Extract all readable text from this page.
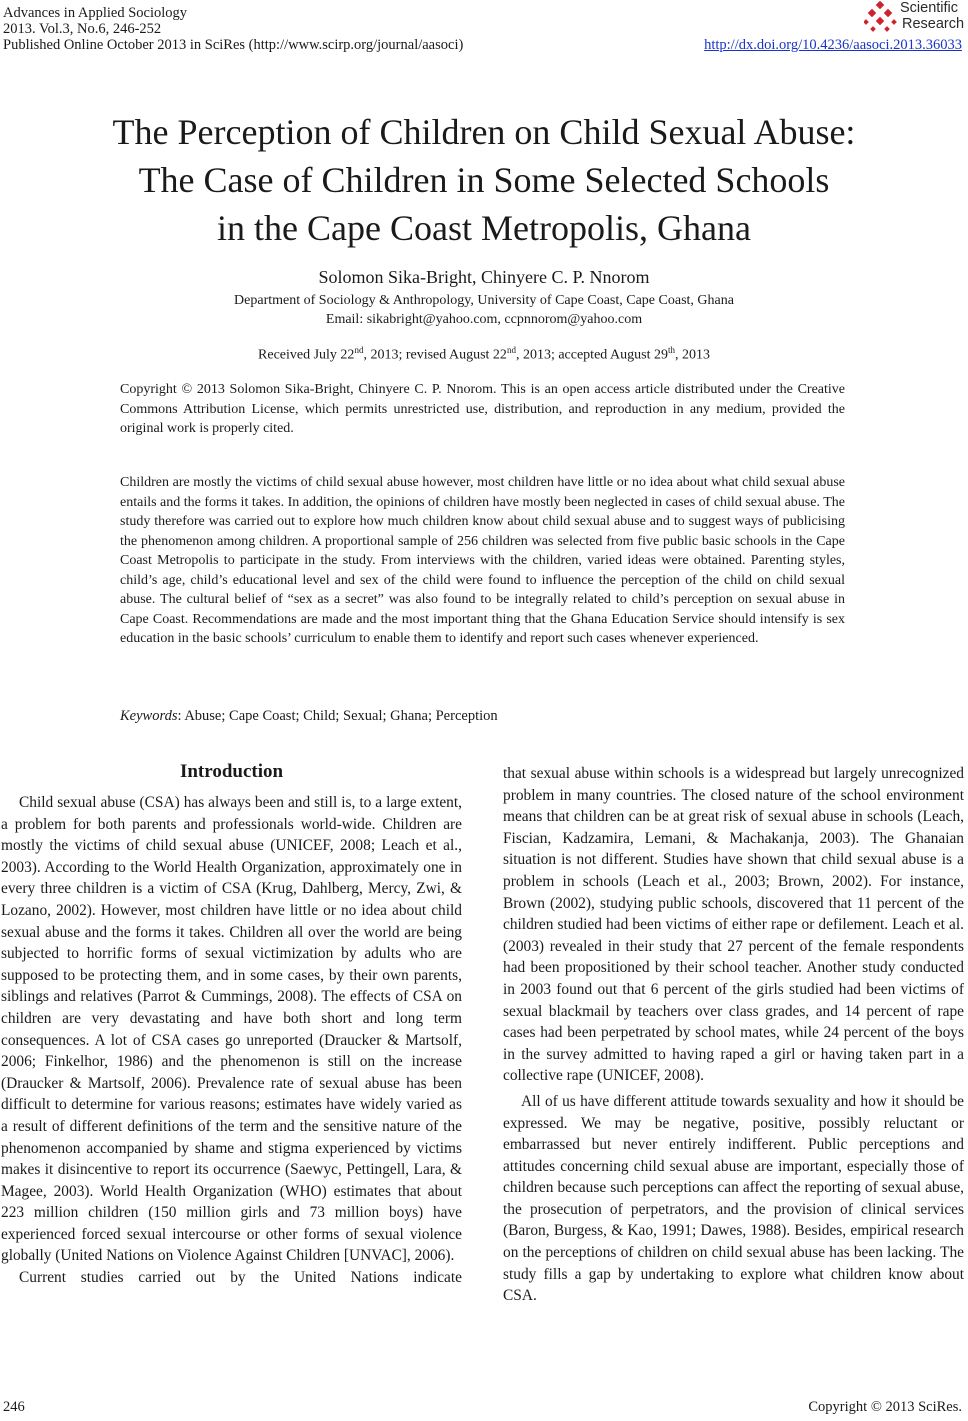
Advances in Applied Sociology
2013. Vol.3, No.6, 246-252
Published Online October 2013 in SciRes (http://www.scirp.org/journal/aasoci)	http://dx.doi.org/10.4236/aasoci.2013.36033
Scientific
Research
The Perception of Children on Child Sexual Abuse:
The Case of Children in Some Selected Schools
in the Cape Coast Metropolis, Ghana
Solomon Sika-Bright, Chinyere C. P. Nnorom
Department of Sociology & Anthropology, University of Cape Coast, Cape Coast, Ghana
Email: sikabright@yahoo.com, ccpnnorom@yahoo.com
Received July 22nd, 2013; revised August 22nd, 2013; accepted August 29th, 2013
Copyright © 2013 Solomon Sika-Bright, Chinyere C. P. Nnorom. This is an open access article distributed under the Creative Commons Attribution License, which permits unrestricted use, distribution, and reproduction in any medium, provided the original work is properly cited.
Children are mostly the victims of child sexual abuse however, most children have little or no idea about what child sexual abuse entails and the forms it takes. In addition, the opinions of children have mostly been neglected in cases of child sexual abuse. The study therefore was carried out to explore how much children know about child sexual abuse and to suggest ways of publicising the phenomenon among children. A proportional sample of 256 children was selected from five public basic schools in the Cape Coast Metropolis to participate in the study. From interviews with the children, varied ideas were obtained. Parenting styles, child’s age, child’s educational level and sex of the child were found to influence the perception of the child on child sexual abuse. The cultural belief of “sex as a secret” was also found to be integrally related to child’s perception on sexual abuse in Cape Coast. Recommendations are made and the most important thing that the Ghana Education Service should intensify is sex education in the basic schools’ curriculum to enable them to identify and report such cases whenever experienced.
Keywords: Abuse; Cape Coast; Child; Sexual; Ghana; Perception
Introduction

Child sexual abuse (CSA) has always been and still is, to a large extent, a problem for both parents and professionals world-wide. Children are mostly the victims of child sexual abuse (UNICEF, 2008; Leach et al., 2003). According to the World Health Organization, approximately one in every three children is a victim of CSA (Krug, Dahlberg, Mercy, Zwi, & Lozano, 2002). However, most children have little or no idea about child sexual abuse and the forms it takes. Children all over the world are being subjected to horrific forms of sexual victimization by adults who are supposed to be protecting them, and in some cases, by their own parents, siblings and relatives (Parrot & Cummings, 2008). The effects of CSA on children are very devastating and have both short and long term consequences. A lot of CSA cases go unreported (Draucker & Martsolf, 2006; Finkelhor, 1986) and the phenomenon is still on the increase (Draucker & Martsolf, 2006). Prevalence rate of sexual abuse has been difficult to determine for various reasons; estimates have widely varied as a result of different definitions of the term and the sensitive nature of the phenomenon accompanied by shame and stigma experienced by victims makes it disincentive to report its occurrence (Saewyc, Pettingell, Lara, & Magee, 2003). World Health Organization (WHO) estimates that about 223 million children (150 million girls and 73 million boys) have experienced forced sexual intercourse or other forms of sexual violence globally (United Nations on Violence Against Children [UNVAC], 2006).

Current studies carried out by the United Nations indicate

that sexual abuse within schools is a widespread but largely unrecognized problem in many countries. The closed nature of the school environment means that children can be at great risk of sexual abuse in schools (Leach, Fiscian, Kadzamira, Lemani, & Machakanja, 2003). The Ghanaian situation is not different. Studies have shown that child sexual abuse is a problem in schools (Leach et al., 2003; Brown, 2002). For instance, Brown (2002), studying public schools, discovered that 11 percent of the children studied had been victims of either rape or defilement. Leach et al. (2003) revealed in their study that 27 percent of the female respondents had been propositioned by their school teacher. Another study conducted in 2003 found out that 6 percent of the girls studied had been victims of sexual blackmail by teachers over class grades, and 14 percent of rape cases had been perpetrated by school mates, while 24 percent of the boys in the survey admitted to having raped a girl or having taken part in a collective rape (UNICEF, 2008).

All of us have different attitude towards sexuality and how it should be expressed. We may be negative, positive, possibly reluctant or embarrassed but never entirely indifferent. Public perceptions and attitudes concerning child sexual abuse are important, especially those of children because such perceptions can affect the reporting of sexual abuse, the prosecution of perpetrators, and the provision of clinical services (Baron, Burgess, & Kao, 1991; Dawes, 1988). Besides, empirical research on the perceptions of children on child sexual abuse has been lacking. The study fills a gap by undertaking to explore what children know about CSA.

246	Copyright © 2013 SciRes.
